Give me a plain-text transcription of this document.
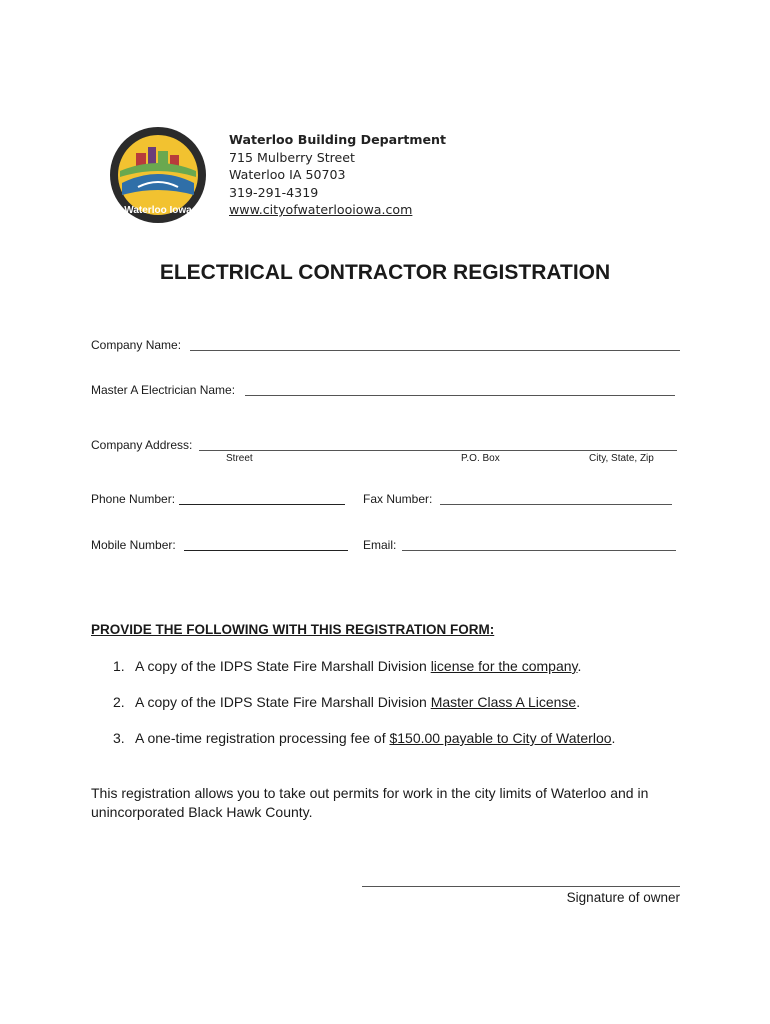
Waterloo Iowa
Waterloo Building Department
715 Mulberry Street
Waterloo IA 50703
319-291-4319
www.cityofwaterlooiowa.com
ELECTRICAL CONTRACTOR REGISTRATION
Company Name:
Master A Electrician Name:
Company Address:
Street	P.O. Box	City, State, Zip
Phone Number:	Fax Number:
Mobile Number:	Email:
PROVIDE THE FOLLOWING WITH THIS REGISTRATION FORM:
1. A copy of the IDPS State Fire Marshall Division license for the company.
2. A copy of the IDPS State Fire Marshall Division Master Class A License.
3. A one-time registration processing fee of $150.00 payable to City of Waterloo.
This registration allows you to take out permits for work in the city limits of Waterloo and in unincorporated Black Hawk County.
Signature of owner
